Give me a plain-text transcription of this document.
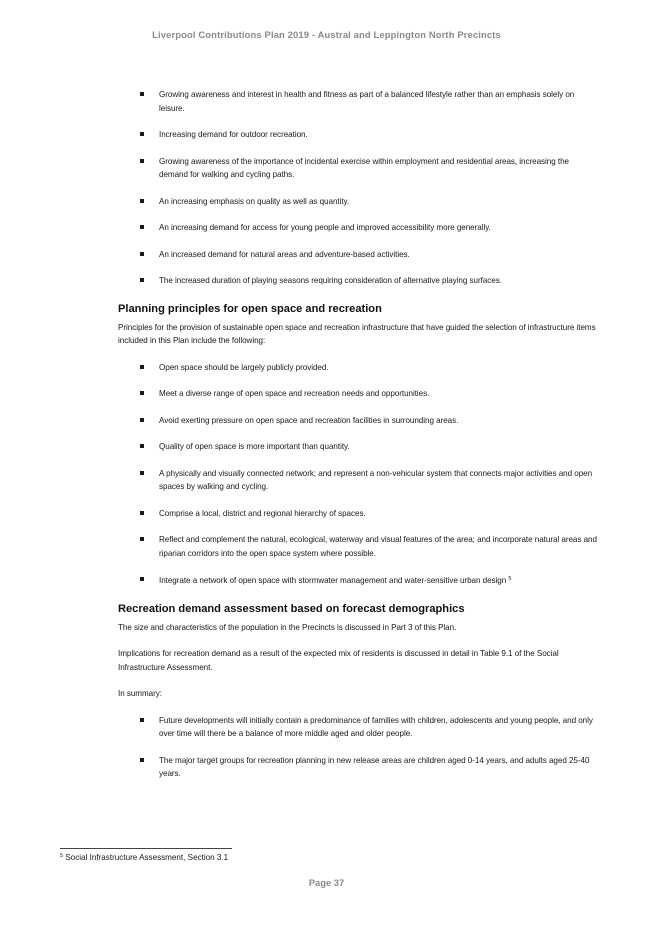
Liverpool Contributions Plan 2019 - Austral and Leppington North Precincts
Growing awareness and interest in health and fitness as part of a balanced lifestyle rather than an emphasis solely on leisure.
Increasing demand for outdoor recreation.
Growing awareness of the importance of incidental exercise within employment and residential areas, increasing the demand for walking and cycling paths.
An increasing emphasis on quality as well as quantity.
An increasing demand for access for young people and improved accessibility more generally.
An increased demand for natural areas and adventure-based activities.
The increased duration of playing seasons requiring consideration of alternative playing surfaces.
Planning principles for open space and recreation

Principles for the provision of sustainable open space and recreation infrastructure that have guided the selection of infrastructure items included in this Plan include the following:

Open space should be largely publicly provided.
Meet a diverse range of open space and recreation needs and opportunities.
Avoid exerting pressure on open space and recreation facilities in surrounding areas.
Quality of open space is more important than quantity.
A physically and visually connected network; and represent a non-vehicular system that connects major activities and open spaces by walking and cycling.
Comprise a local, district and regional hierarchy of spaces.
Reflect and complement the natural, ecological, waterway and visual features of the area; and incorporate natural areas and riparian corridors into the open space system where possible.
Integrate a network of open space with stormwater management and water-sensitive urban design $^5$
Recreation demand assessment based on forecast demographics

The size and characteristics of the population in the Precincts is discussed in Part 3 of this Plan.

Implications for recreation demand as a result of the expected mix of residents is discussed in detail in Table 9.1 of the Social Infrastructure Assessment.

In summary:

Future developments will initially contain a predominance of families with children, adolescents and young people, and only over time will there be a balance of more middle aged and older people.
The major target groups for recreation planning in new release areas are children aged 0-14 years, and adults aged 25-40 years.
$^5$ Social Infrastructure Assessment, Section 3.1
Page 37
